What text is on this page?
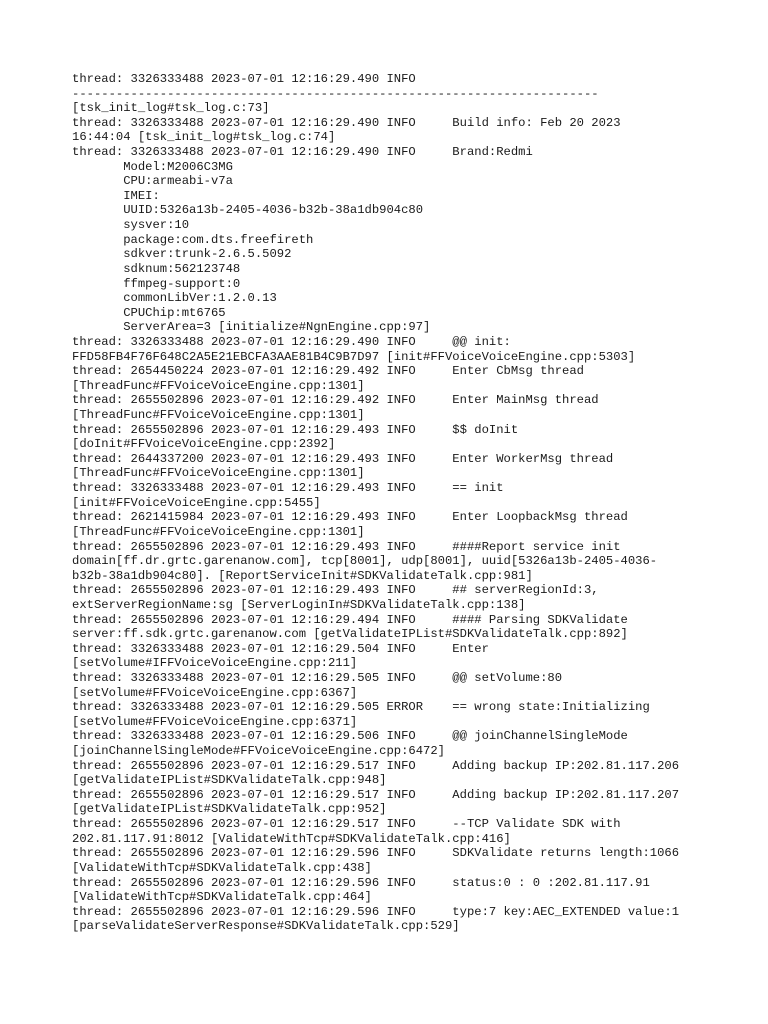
thread: 3326333488 2023-07-01 12:16:29.490 INFO
------------------------------------------------------------------------
[tsk_init_log#tsk_log.c:73]
thread: 3326333488 2023-07-01 12:16:29.490 INFO     Build info: Feb 20 2023
16:44:04 [tsk_init_log#tsk_log.c:74]
thread: 3326333488 2023-07-01 12:16:29.490 INFO     Brand:Redmi
Model:M2006C3MG
CPU:armeabi-v7a
IMEI:
UUID:5326a13b-2405-4036-b32b-38a1db904c80
sysver:10
package:com.dts.freefireth
sdkver:trunk-2.6.5.5092
sdknum:562123748
ffmpeg-support:0
commonLibVer:1.2.0.13
CPUChip:mt6765
ServerArea=3 [initialize#NgnEngine.cpp:97]
thread: 3326333488 2023-07-01 12:16:29.490 INFO     @@ init:
FFD58FB4F76F648C2A5E21EBCFA3AAE81B4C9B7D97 [init#FFVoiceVoiceEngine.cpp:5303]
thread: 2654450224 2023-07-01 12:16:29.492 INFO     Enter CbMsg thread
[ThreadFunc#FFVoiceVoiceEngine.cpp:1301]
thread: 2655502896 2023-07-01 12:16:29.492 INFO     Enter MainMsg thread
[ThreadFunc#FFVoiceVoiceEngine.cpp:1301]
thread: 2655502896 2023-07-01 12:16:29.493 INFO     $$ doInit
[doInit#FFVoiceVoiceEngine.cpp:2392]
thread: 2644337200 2023-07-01 12:16:29.493 INFO     Enter WorkerMsg thread
[ThreadFunc#FFVoiceVoiceEngine.cpp:1301]
thread: 3326333488 2023-07-01 12:16:29.493 INFO     == init
[init#FFVoiceVoiceEngine.cpp:5455]
thread: 2621415984 2023-07-01 12:16:29.493 INFO     Enter LoopbackMsg thread
[ThreadFunc#FFVoiceVoiceEngine.cpp:1301]
thread: 2655502896 2023-07-01 12:16:29.493 INFO     ####Report service init
domain[ff.dr.grtc.garenanow.com], tcp[8001], udp[8001], uuid[5326a13b-2405-4036-
b32b-38a1db904c80]. [ReportServiceInit#SDKValidateTalk.cpp:981]
thread: 2655502896 2023-07-01 12:16:29.493 INFO     ## serverRegionId:3,
extServerRegionName:sg [ServerLoginIn#SDKValidateTalk.cpp:138]
thread: 2655502896 2023-07-01 12:16:29.494 INFO     #### Parsing SDKValidate
server:ff.sdk.grtc.garenanow.com [getValidateIPList#SDKValidateTalk.cpp:892]
thread: 3326333488 2023-07-01 12:16:29.504 INFO     Enter
[setVolume#IFFVoiceVoiceEngine.cpp:211]
thread: 3326333488 2023-07-01 12:16:29.505 INFO     @@ setVolume:80
[setVolume#FFVoiceVoiceEngine.cpp:6367]
thread: 3326333488 2023-07-01 12:16:29.505 ERROR    == wrong state:Initializing
[setVolume#FFVoiceVoiceEngine.cpp:6371]
thread: 3326333488 2023-07-01 12:16:29.506 INFO     @@ joinChannelSingleMode
[joinChannelSingleMode#FFVoiceVoiceEngine.cpp:6472]
thread: 2655502896 2023-07-01 12:16:29.517 INFO     Adding backup IP:202.81.117.206
[getValidateIPList#SDKValidateTalk.cpp:948]
thread: 2655502896 2023-07-01 12:16:29.517 INFO     Adding backup IP:202.81.117.207
[getValidateIPList#SDKValidateTalk.cpp:952]
thread: 2655502896 2023-07-01 12:16:29.517 INFO     --TCP Validate SDK with
202.81.117.91:8012 [ValidateWithTcp#SDKValidateTalk.cpp:416]
thread: 2655502896 2023-07-01 12:16:29.596 INFO     SDKValidate returns length:1066
[ValidateWithTcp#SDKValidateTalk.cpp:438]
thread: 2655502896 2023-07-01 12:16:29.596 INFO     status:0 : 0 :202.81.117.91
[ValidateWithTcp#SDKValidateTalk.cpp:464]
thread: 2655502896 2023-07-01 12:16:29.596 INFO     type:7 key:AEC_EXTENDED value:1
[parseValidateServerResponse#SDKValidateTalk.cpp:529]
